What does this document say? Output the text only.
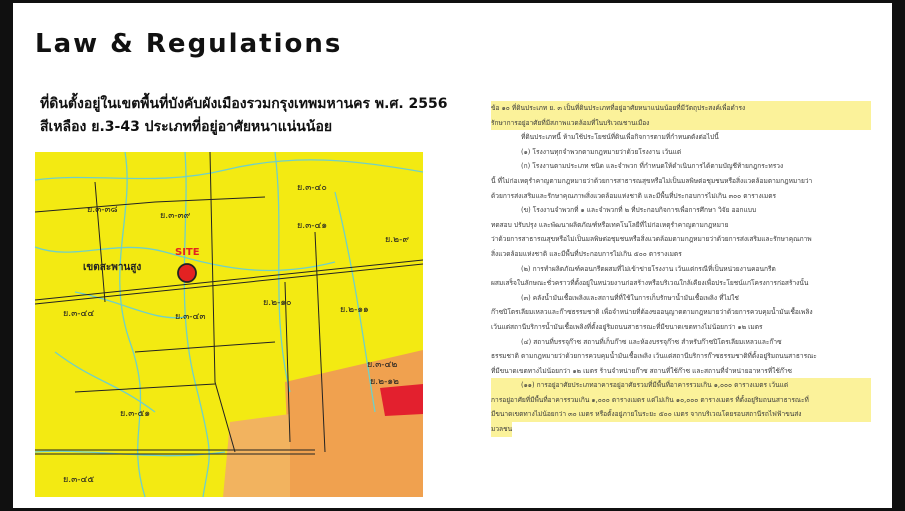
Law & Regulations
ที่ดินตั้งอยู่ในเขตพื้นที่บังคับผังเมืองรวมกรุงเทพมหานคร พ.ศ. 2556
สีเหลือง ย.3-43 ประเภทที่อยู่อาศัยหนาแน่นน้อย
SITE
เขตสะพานสูง
ย.๓-๔๐
ย.๓-๓๘
ย.๓-๓๙
ย.๓-๔๑
ย.๒-๙
ย.๒-๑๐
ย.๒-๑๑
ย.๓-๔๒
ย.๓-๔๓
ย.๓-๔๔
ย.๓-๕๑
ย.๒-๑๒
ย.๓-๔๕

ข้อ ๑๐ ที่ดินประเภท ย. ๓ เป็นที่ดินประเภทที่อยู่อาศัยหนาแน่นน้อยที่มีวัตถุประสงค์เพื่อดำรง

รักษาการอยู่อาศัยที่มีสภาพแวดล้อมที่ในบริเวณชานเมือง

ที่ดินประเภทนี้ ห้ามใช้ประโยชน์ที่ดินเพื่อกิจการตามที่กำหนดดังต่อไปนี้

(๑) โรงงานทุกจำพวกตามกฎหมายว่าด้วยโรงงาน เว้นแต่

(ก) โรงงานตามประเภท ชนิด และจำพวก ที่กำหนดให้ดำเนินการได้ตามบัญชีท้ายกฎกระทรวง

นี้ ที่ไม่ก่อเหตุรำคาญตามกฎหมายว่าด้วยการสาธารณสุขหรือไม่เป็นมลพิษต่อชุมชนหรือสิ่งแวดล้อมตามกฎหมายว่า

ด้วยการส่งเสริมและรักษาคุณภาพสิ่งแวดล้อมแห่งชาติ และมีพื้นที่ประกอบการไม่เกิน ๓๐๐ ตารางเมตร

(ข) โรงงานจำพวกที่ ๑ และจำพวกที่ ๒ ที่ประกอบกิจการเพื่อการศึกษา วิจัย ออกแบบ

ทดสอบ ปรับปรุง และพัฒนาผลิตภัณฑ์หรือเทคโนโลยีที่ไม่ก่อเหตุรำคาญตามกฎหมาย

ว่าด้วยการสาธารณสุขหรือไม่เป็นมลพิษต่อชุมชนหรือสิ่งแวดล้อมตามกฎหมายว่าด้วยการส่งเสริมและรักษาคุณภาพ

สิ่งแวดล้อมแห่งชาติ และมีพื้นที่ประกอบการไม่เกิน ๕๐๐ ตารางเมตร

(๒) การทำผลิตภัณฑ์คอนกรีตผสมที่ไม่เข้าข่ายโรงงาน เว้นแต่กรณีที่เป็นหน่วยงานคอนกรีต

ผสมเสร็จในลักษณะชั่วคราวที่ตั้งอยู่ในหน่วยงานก่อสร้างหรือบริเวณใกล้เคียงเพื่อประโยชน์แก่โครงการก่อสร้างนั้น

(๓) คลังน้ำมันเชื้อเพลิงและสถานที่ที่ใช้ในการเก็บรักษาน้ำมันเชื้อเพลิง ที่ไม่ใช่

ก๊าซปิโตรเลียมเหลวและก๊าซธรรมชาติ เพื่อจำหน่ายที่ต้องขออนุญาตตามกฎหมายว่าด้วยการควบคุมน้ำมันเชื้อเพลิง

เว้นแต่สถานีบริการน้ำมันเชื้อเพลิงที่ตั้งอยู่ริมถนนสาธารณะที่มีขนาดเขตทางไม่น้อยกว่า ๑๒ เมตร

(๔) สถานที่บรรจุก๊าซ สถานที่เก็บก๊าซ และห้องบรรจุก๊าซ สำหรับก๊าซปิโตรเลียมเหลวและก๊าซ

ธรรมชาติ ตามกฎหมายว่าด้วยการควบคุมน้ำมันเชื้อเพลิง เว้นแต่สถานีบริการก๊าซธรรมชาติที่ตั้งอยู่ริมถนนสาธารณะ

ที่มีขนาดเขตทางไม่น้อยกว่า ๑๒ เมตร ร้านจำหน่ายก๊าซ สถานที่ใช้ก๊าซ และสถานที่จำหน่ายอาหารที่ใช้ก๊าซ

(๑๑) การอยู่อาศัยประเภทอาคารอยู่อาศัยรวมที่มีพื้นที่อาคารรวมเกิน ๑,๐๐๐ ตารางเมตร เว้นแต่

การอยู่อาศัยที่มีพื้นที่อาคารรวมเกิน ๑,๐๐๐ ตารางเมตร แต่ไม่เกิน ๑๐,๐๐๐ ตารางเมตร ที่ตั้งอยู่ริมถนนสาธารณะที่

มีขนาดเขตทางไม่น้อยกว่า ๓๐ เมตร หรือตั้งอยู่ภายในระยะ ๕๐๐ เมตร จากบริเวณโดยรอบสถานีรถไฟฟ้าขนส่ง

มวลชน
